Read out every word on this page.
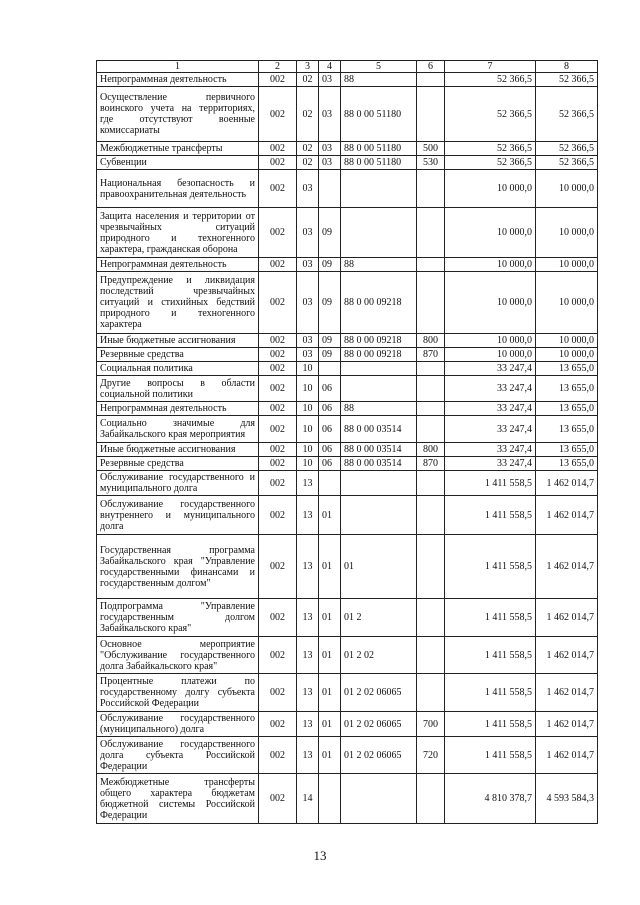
1	2	3	4	5	6	7	8
Непрограммная деятельность	002	02	03	88		52 366,5	52 366,5
Осуществление первичного воинского учета на территориях, где отсутствуют военные комиссариаты	002	02	03	88 0 00 51180		52 366,5	52 366,5
Межбюджетные трансферты	002	02	03	88 0 00 51180	500	52 366,5	52 366,5
Субвенции	002	02	03	88 0 00 51180	530	52 366,5	52 366,5
Национальная безопасность и правоохранительная деятельность	002	03				10 000,0	10 000,0
Защита населения и территории от чрезвычайных ситуаций природного и техногенного характера, гражданская оборона	002	03	09			10 000,0	10 000,0
Непрограммная деятельность	002	03	09	88		10 000,0	10 000,0
Предупреждение и ликвидация последствий чрезвычайных ситуаций и стихийных бедствий природного и техногенного характера	002	03	09	88 0 00 09218		10 000,0	10 000,0
Иные бюджетные ассигнования	002	03	09	88 0 00 09218	800	10 000,0	10 000,0
Резервные средства	002	03	09	88 0 00 09218	870	10 000,0	10 000,0
Социальная политика	002	10				33 247,4	13 655,0
Другие вопросы в области социальной политики	002	10	06			33 247,4	13 655,0
Непрограммная деятельность	002	10	06	88		33 247,4	13 655,0
Социально значимые для Забайкальского края мероприятия	002	10	06	88 0 00 03514		33 247,4	13 655,0
Иные бюджетные ассигнования	002	10	06	88 0 00 03514	800	33 247,4	13 655,0
Резервные средства	002	10	06	88 0 00 03514	870	33 247,4	13 655,0
Обслуживание государственного и муниципального долга	002	13				1 411 558,5	1 462 014,7
Обслуживание государственного внутреннего и муниципального долга	002	13	01			1 411 558,5	1 462 014,7
Государственная программа Забайкальского края "Управление государственными финансами и государственным долгом"	002	13	01	01		1 411 558,5	1 462 014,7
Подпрограмма "Управление государственным долгом Забайкальского края"	002	13	01	01 2		1 411 558,5	1 462 014,7
Основное мероприятие "Обслуживание государственного долга Забайкальского края"	002	13	01	01 2 02		1 411 558,5	1 462 014,7
Процентные платежи по государственному долгу субъекта Российской Федерации	002	13	01	01 2 02 06065		1 411 558,5	1 462 014,7
Обслуживание государственного (муниципального) долга	002	13	01	01 2 02 06065	700	1 411 558,5	1 462 014,7
Обслуживание государственного долга субъекта Российской Федерации	002	13	01	01 2 02 06065	720	1 411 558,5	1 462 014,7
Межбюджетные трансферты общего характера бюджетам бюджетной системы Российской Федерации	002	14				4 810 378,7	4 593 584,3
13
